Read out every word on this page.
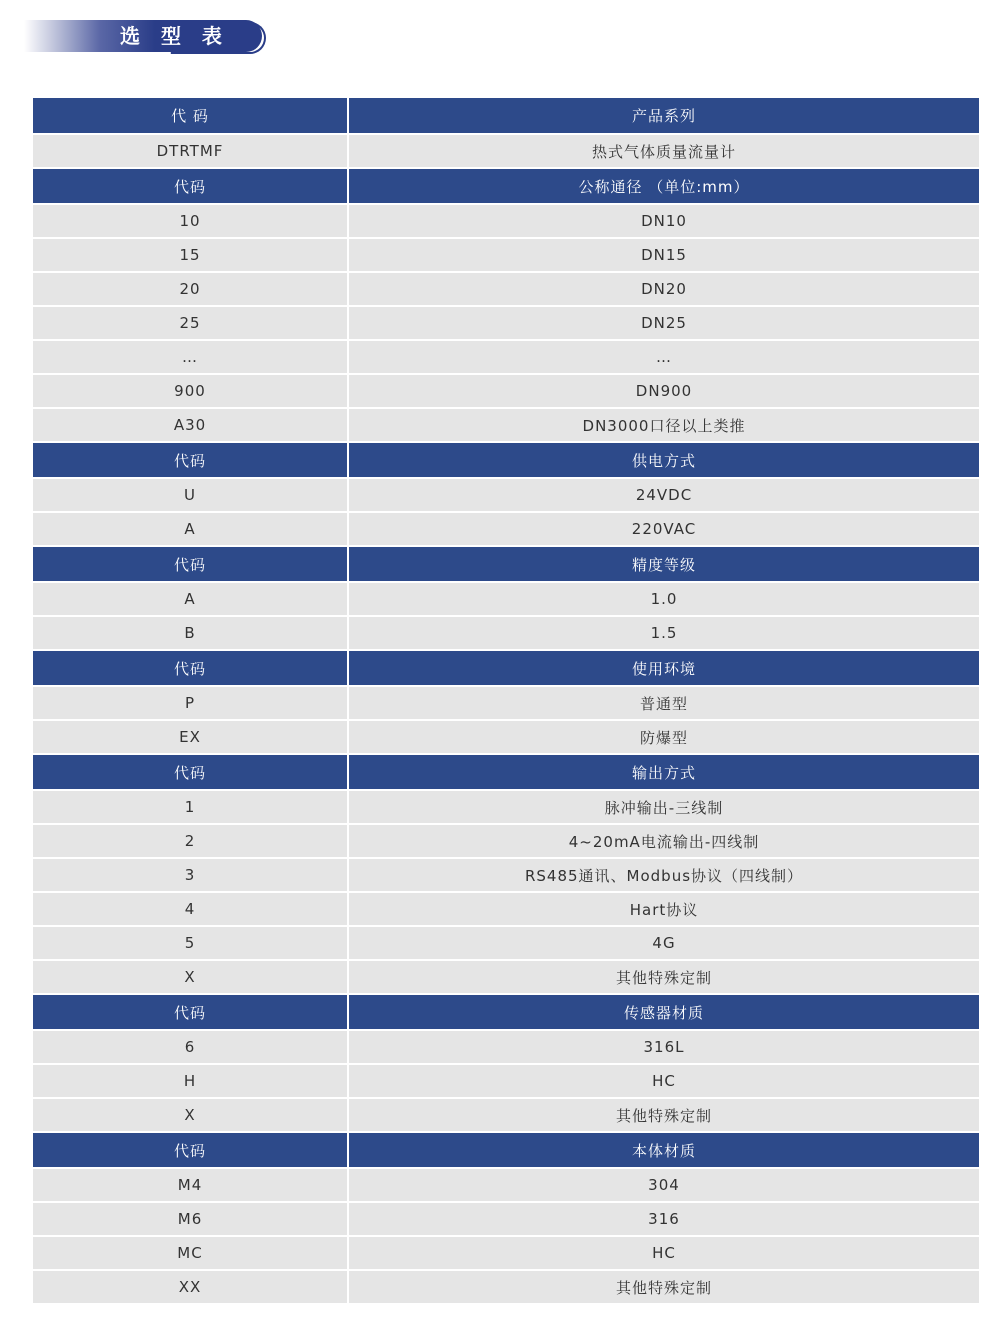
选 型 表
代 码	产品系列
DTRTMF	热式气体质量流量计
代码	公称通径 （单位:mm）
10	DN10
15	DN15
20	DN20
25	DN25
…	…
900	DN900
A30	DN3000口径以上类推
代码	供电方式
U	24VDC
A	220VAC
代码	精度等级
A	1.0
B	1.5
代码	使用环境
P	普通型
EX	防爆型
代码	输出方式
1	脉冲输出-三线制
2	4~20mA电流输出-四线制
3	RS485通讯、Modbus协议（四线制）
4	Hart协议
5	4G
X	其他特殊定制
代码	传感器材质
6	316L
H	HC
X	其他特殊定制
代码	本体材质
M4	304
M6	316
MC	HC
XX	其他特殊定制
